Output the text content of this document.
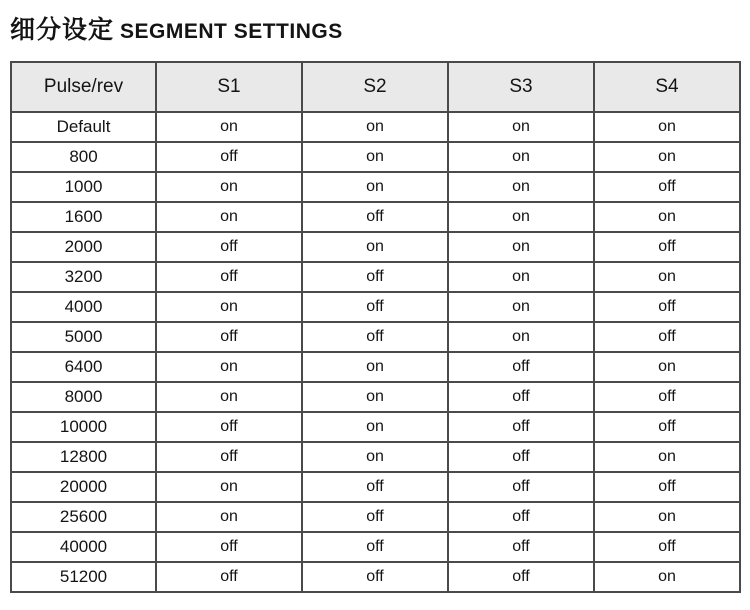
细分设定 SEGMENT SETTINGS
Pulse/rev	S1	S2	S3	S4
Default	on	on	on	on
800	off	on	on	on
1000	on	on	on	off
1600	on	off	on	on
2000	off	on	on	off
3200	off	off	on	on
4000	on	off	on	off
5000	off	off	on	off
6400	on	on	off	on
8000	on	on	off	off
10000	off	on	off	off
12800	off	on	off	on
20000	on	off	off	off
25600	on	off	off	on
40000	off	off	off	off
51200	off	off	off	on
